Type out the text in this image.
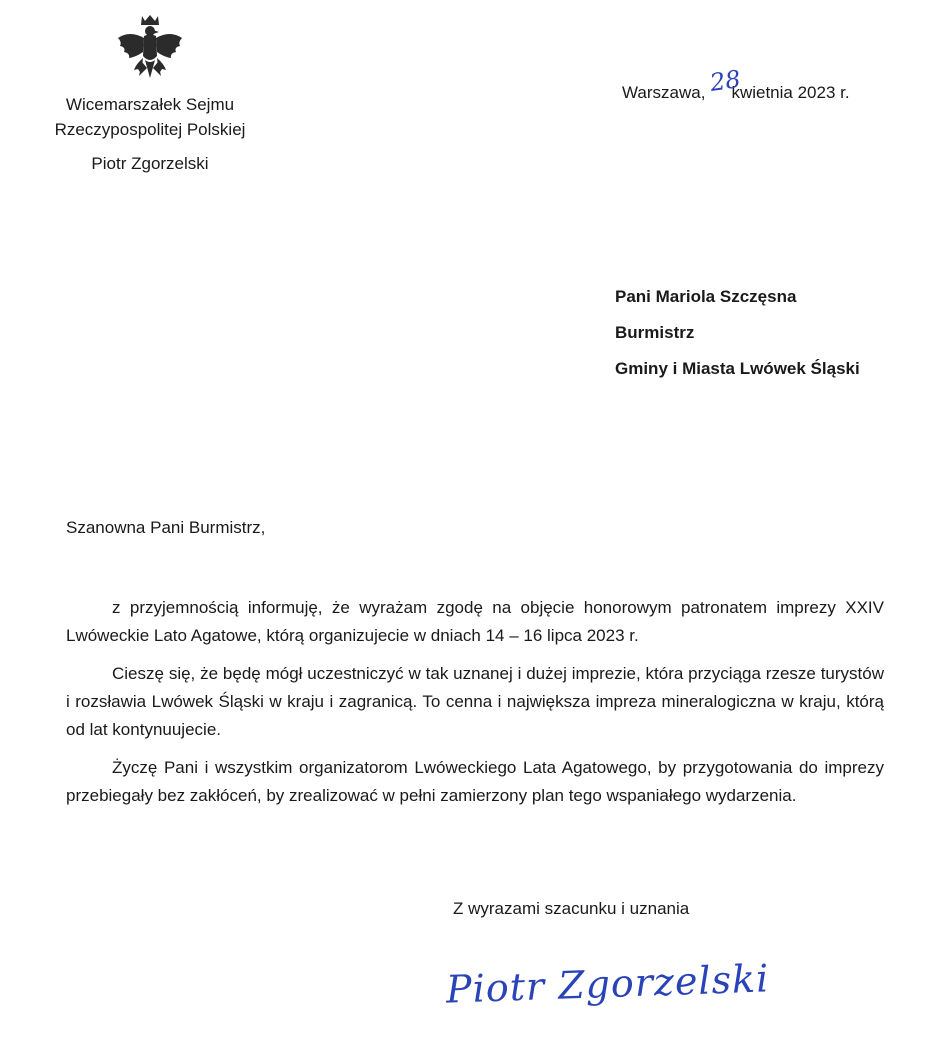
Wicemarszałek Sejmu
Rzeczypospolitej Polskiej
Piotr Zgorzelski
Warszawa, kwietnia 2023 r.
28
Pani Mariola Szczęsna
Burmistrz
Gminy i Miasta Lwówek Śląski
Szanowna Pani Burmistrz,

z przyjemnością informuję, że wyrażam zgodę na objęcie honorowym patronatem imprezy XXIV Lwóweckie Lato Agatowe, którą organizujecie w dniach 14 – 16 lipca 2023 r.

Cieszę się, że będę mógł uczestniczyć w tak uznanej i dużej imprezie, która przyciąga rzesze turystów i rozsławia Lwówek Śląski w kraju i zagranicą. To cenna i największa impreza mineralogiczna w kraju, którą od lat kontynuujecie.

Życzę Pani i wszystkim organizatorom Lwóweckiego Lata Agatowego, by przygotowania do imprezy przebiegały bez zakłóceń, by zrealizować w pełni zamierzony plan tego wspaniałego wydarzenia.

Z wyrazami szacunku i uznania
Piotr Zgorzelski
